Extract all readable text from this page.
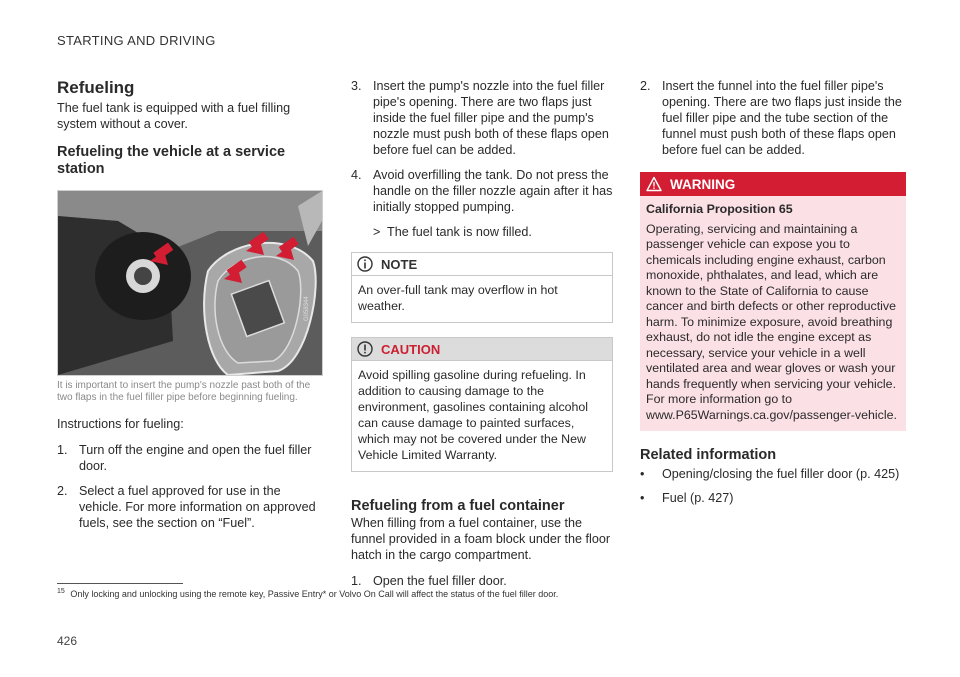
STARTING AND DRIVING
Refueling

The fuel tank is equipped with a fuel filling system without a cover.

Refueling the vehicle at a service station
G058344
It is important to insert the pump's nozzle past both of the two flaps in the fuel filler pipe before beginning fueling.

Instructions for fueling:

1. Turn off the engine and open the fuel filler door.
2. Select a fuel approved for use in the vehicle. For more information on approved fuels, see the section on “Fuel”.
3. Insert the pump's nozzle into the fuel filler pipe's opening. There are two flaps just inside the fuel filler pipe and the pump's nozzle must push both of these flaps open before fuel can be added.
4. Avoid overfilling the tank. Do not press the handle on the filler nozzle again after it has initially stopped pumping.
> The fuel tank is now filled.
NOTE
An over-full tank may overflow in hot weather.
CAUTION
Avoid spilling gasoline during refueling. In addition to causing damage to the environment, gasolines containing alcohol can cause damage to painted surfaces, which may not be covered under the New Vehicle Limited Warranty.
Refueling from a fuel container

When filling from a fuel container, use the funnel provided in a foam block under the floor hatch in the cargo compartment.

1. Open the fuel filler door.
2. Insert the funnel into the fuel filler pipe's opening. There are two flaps just inside the fuel filler pipe and the tube section of the funnel must push both of these flaps open before fuel can be added.
WARNING
California Proposition 65
Operating, servicing and maintaining a passenger vehicle can expose you to chemicals including engine exhaust, carbon monoxide, phthalates, and lead, which are known to the State of California to cause cancer and birth defects or other reproductive harm. To minimize exposure, avoid breathing exhaust, do not idle the engine except as necessary, service your vehicle in a well ventilated area and wear gloves or wash your hands frequently when servicing your vehicle. For more information go to www.P65Warnings.ca.gov/passenger-vehicle.
Related information
• Opening/closing the fuel filler door (p. 425)
• Fuel (p. 427)
$^{15}$ Only locking and unlocking using the remote key, Passive Entry* or Volvo On Call will affect the status of the fuel filler door.
426
